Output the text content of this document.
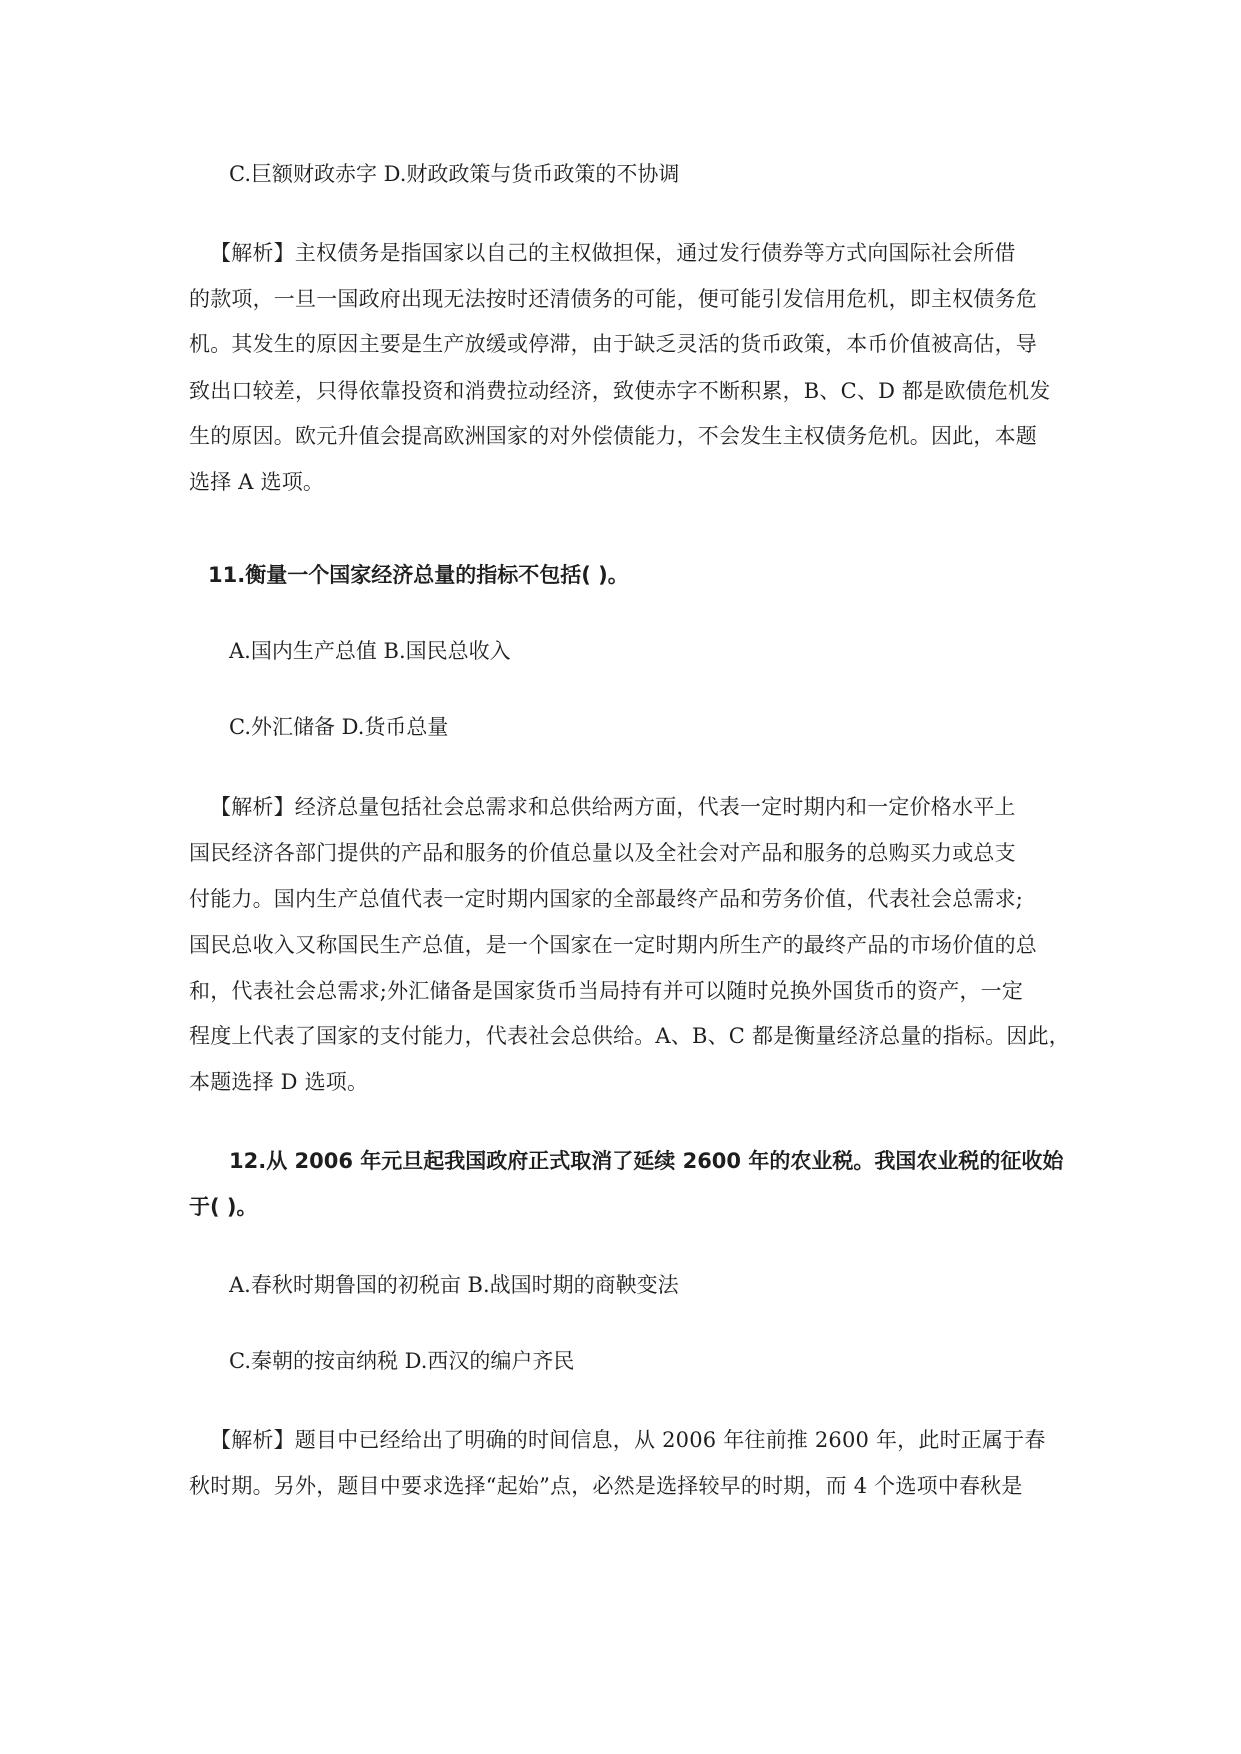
C.巨额财政赤字 D.财政政策与货币政策的不协调

【解析】主权债务是指国家以自己的主权做担保，通过发行债券等方式向国际社会所借

的款项，一旦一国政府出现无法按时还清债务的可能，便可能引发信用危机，即主权债务危

机。其发生的原因主要是生产放缓或停滞，由于缺乏灵活的货币政策，本币价值被高估，导

致出口较差，只得依靠投资和消费拉动经济，致使赤字不断积累，B、C、D 都是欧债危机发

生的原因。欧元升值会提高欧洲国家的对外偿债能力，不会发生主权债务危机。因此，本题

选择 A 选项。

11.衡量一个国家经济总量的指标不包括( )。

A.国内生产总值 B.国民总收入

C.外汇储备 D.货币总量

【解析】经济总量包括社会总需求和总供给两方面，代表一定时期内和一定价格水平上

国民经济各部门提供的产品和服务的价值总量以及全社会对产品和服务的总购买力或总支

付能力。国内生产总值代表一定时期内国家的全部最终产品和劳务价值，代表社会总需求;

国民总收入又称国民生产总值，是一个国家在一定时期内所生产的最终产品的市场价值的总

和，代表社会总需求;外汇储备是国家货币当局持有并可以随时兑换外国货币的资产，一定

程度上代表了国家的支付能力，代表社会总供给。A、B、C 都是衡量经济总量的指标。因此，

本题选择 D 选项。

12.从 2006 年元旦起我国政府正式取消了延续 2600 年的农业税。我国农业税的征收始

于( )。

A.春秋时期鲁国的初税亩 B.战国时期的商鞅变法

C.秦朝的按亩纳税 D.西汉的编户齐民

【解析】题目中已经给出了明确的时间信息，从 2006 年往前推 2600 年，此时正属于春

秋时期。另外，题目中要求选择“起始”点，必然是选择较早的时期，而 4 个选项中春秋是
